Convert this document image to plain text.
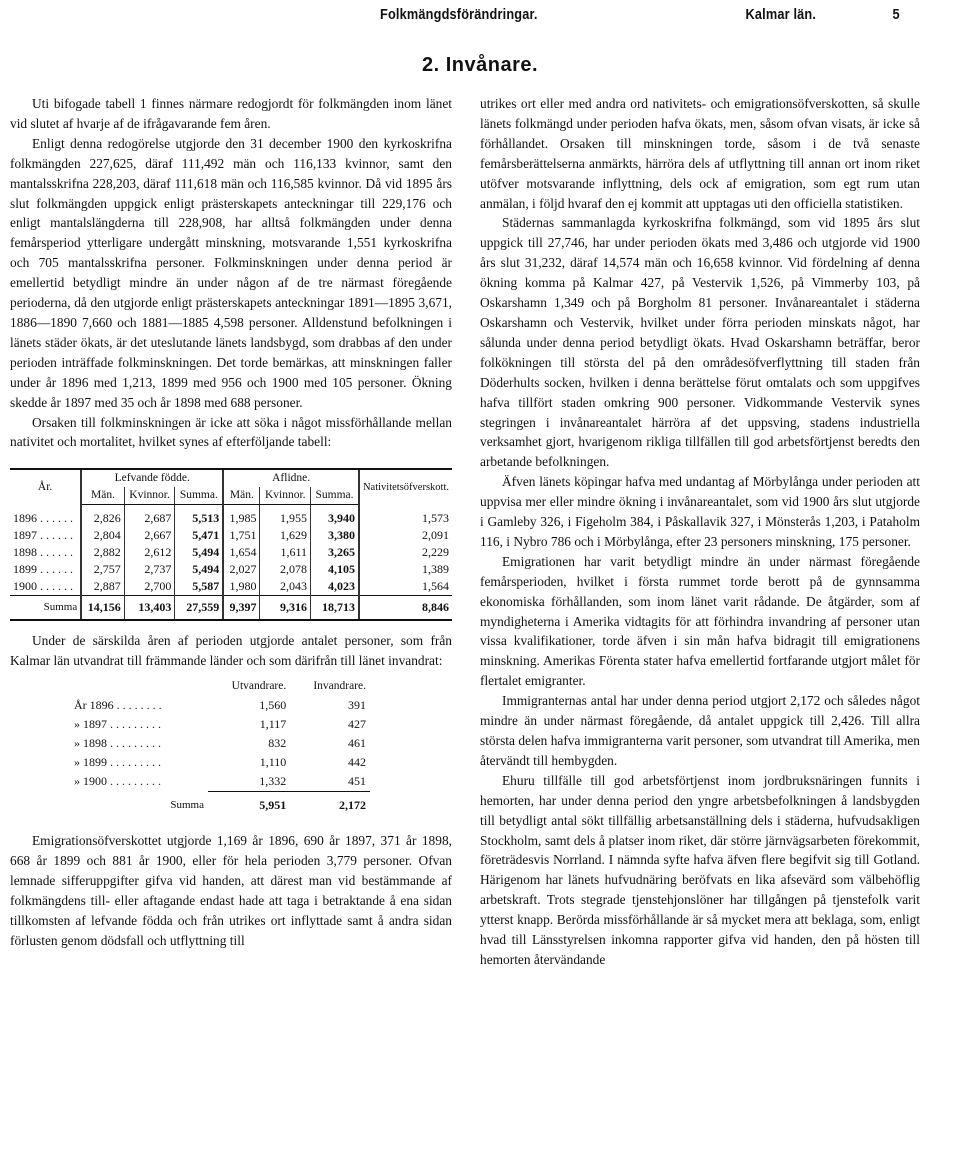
Folkmängdsförändringar.	Kalmar län.	5
2. Invånare.

Uti bifogade tabell 1 finnes närmare redogjordt för folkmängden inom länet vid slutet af hvarje af de ifrågavarande fem åren.

Enligt denna redogörelse utgjorde den 31 december 1900 den kyrkoskrifna folkmängden 227,625, däraf 111,492 män och 116,133 kvinnor, samt den mantalsskrifna 228,203, däraf 111,618 män och 116,585 kvinnor. Då vid 1895 års slut folkmängden uppgick enligt prästerskapets anteckningar till 229,176 och enligt mantalslängderna till 228,908, har alltså folkmängden under denna femårsperiod ytterligare undergått minskning, motsvarande 1,551 kyrkoskrifna och 705 mantalsskrifna personer. Folkminskningen under denna period är emellertid betydligt mindre än under någon af de tre närmast föregående perioderna, då den utgjorde enligt prästerskapets anteckningar 1891—1895 3,671, 1886—1890 7,660 och 1881—1885 4,598 personer. Alldenstund befolkningen i länets städer ökats, är det uteslutande länets landsbygd, som drabbas af den under perioden inträffade folkminskningen. Det torde bemärkas, att minskningen faller under år 1896 med 1,213, 1899 med 956 och 1900 med 105 personer. Ökning skedde år 1897 med 35 och år 1898 med 688 personer.

Orsaken till folkminskningen är icke att söka i något missförhållande mellan nativitet och mortalitet, hvilket synes af efterföljande tabell:

År.	Lefvande födde.			Aflidne.			Nativitetsöfverskott.
	Män.	Kvinnor.	Summa.	Män.	Kvinnor.	Summa.	
1896 . . . . . .	2,826	2,687	5,513	1,985	1,955	3,940	1,573
1897 . . . . . .	2,804	2,667	5,471	1,751	1,629	3,380	2,091
1898 . . . . . .	2,882	2,612	5,494	1,654	1,611	3,265	2,229
1899 . . . . . .	2,757	2,737	5,494	2,027	2,078	4,105	1,389
1900 . . . . . .	2,887	2,700	5,587	1,980	2,043	4,023	1,564
Summa	14,156	13,403	27,559	9,397	9,316	18,713	8,846

Under de särskilda åren af perioden utgjorde antalet personer, som från Kalmar län utvandrat till främmande länder och som därifrån till länet invandrat:

	Utvandrare.	Invandrare.
År 1896 . . . . . . . .	1,560	391
» 1897 . . . . . . . . .	1,117	427
» 1898 . . . . . . . . .	832	461
» 1899 . . . . . . . . .	1,110	442
» 1900 . . . . . . . . .	1,332	451
Summa	5,951	2,172

Emigrationsöfverskottet utgjorde 1,169 år 1896, 690 år 1897, 371 år 1898, 668 år 1899 och 881 år 1900, eller för hela perioden 3,779 personer. Ofvan lemnade sifferuppgifter gifva vid handen, att därest man vid bestämmande af folkmängdens till- eller aftagande endast hade att taga i betraktande å ena sidan tillkomsten af lefvande födda och från utrikes ort inflyttade samt å andra sidan förlusten genom dödsfall och utflyttning till

utrikes ort eller med andra ord nativitets- och emigrationsöfverskotten, så skulle länets folkmängd under perioden hafva ökats, men, såsom ofvan visats, är icke så förhållandet. Orsaken till minskningen torde, såsom i de två senaste femårsberättelserna anmärkts, härröra dels af utflyttning till annan ort inom riket utöfver motsvarande inflyttning, dels ock af emigration, som egt rum utan anmälan, i följd hvaraf den ej kommit att upptagas uti den officiella statistiken.

Städernas sammanlagda kyrkoskrifna folkmängd, som vid 1895 års slut uppgick till 27,746, har under perioden ökats med 3,486 och utgjorde vid 1900 års slut 31,232, däraf 14,574 män och 16,658 kvinnor. Vid fördelning af denna ökning komma på Kalmar 427, på Vestervik 1,526, på Vimmerby 103, på Oskarshamn 1,349 och på Borgholm 81 personer. Invånareantalet i städerna Oskarshamn och Vestervik, hvilket under förra perioden minskats något, har sålunda under denna period betydligt ökats. Hvad Oskarshamn beträffar, beror folkökningen till största del på den områdesöfverflyttning till staden från Döderhults socken, hvilken i denna berättelse förut omtalats och som uppgifves hafva tillfört staden omkring 900 personer. Vidkommande Vestervik synes stegringen i invånareantalet härröra af det uppsving, stadens industriella verksamhet gjort, hvarigenom rikliga tillfällen till god arbetsförtjenst beredts den arbetande befolkningen.

Äfven länets köpingar hafva med undantag af Mörbylånga under perioden att uppvisa mer eller mindre ökning i invånareantalet, som vid 1900 års slut utgjorde i Gamleby 326, i Figeholm 384, i Påskallavik 327, i Mönsterås 1,203, i Pataholm 116, i Nybro 786 och i Mörbylånga, efter 23 personers minskning, 175 personer.

Emigrationen har varit betydligt mindre än under närmast föregående femårsperioden, hvilket i första rummet torde berott på de gynnsamma ekonomiska förhållanden, som inom länet varit rådande. De åtgärder, som af myndigheterna i Amerika vidtagits för att förhindra invandring af personer utan vissa kvalifikationer, torde äfven i sin mån hafva bidragit till emigrationens minskning. Amerikas Förenta stater hafva emellertid fortfarande utgjort målet för flertalet emigranter.

Immigranternas antal har under denna period utgjort 2,172 och således något mindre än under närmast föregående, då antalet uppgick till 2,426. Till allra största delen hafva immigranterna varit personer, som utvandrat till Amerika, men återvändt till hembygden.

Ehuru tillfälle till god arbetsförtjenst inom jordbruksnäringen funnits i hemorten, har under denna period den yngre arbetsbefolkningen å landsbygden till betydligt antal sökt tillfällig arbetsanställning dels i städerna, hufvudsakligen Stockholm, samt dels å platser inom riket, där större järnvägsarbeten förekommit, företrädesvis Norrland. I nämnda syfte hafva äfven flere begifvit sig till Gotland. Härigenom har länets hufvudnäring beröfvats en lika afsevärd som välbehöflig arbetskraft. Trots stegrade tjenstehjonslöner har tillgången på tjenstefolk varit ytterst knapp. Berörda missförhållande är så mycket mera att beklaga, som, enligt hvad till Länsstyrelsen inkomna rapporter gifva vid handen, den på hösten till hemorten återvändande
